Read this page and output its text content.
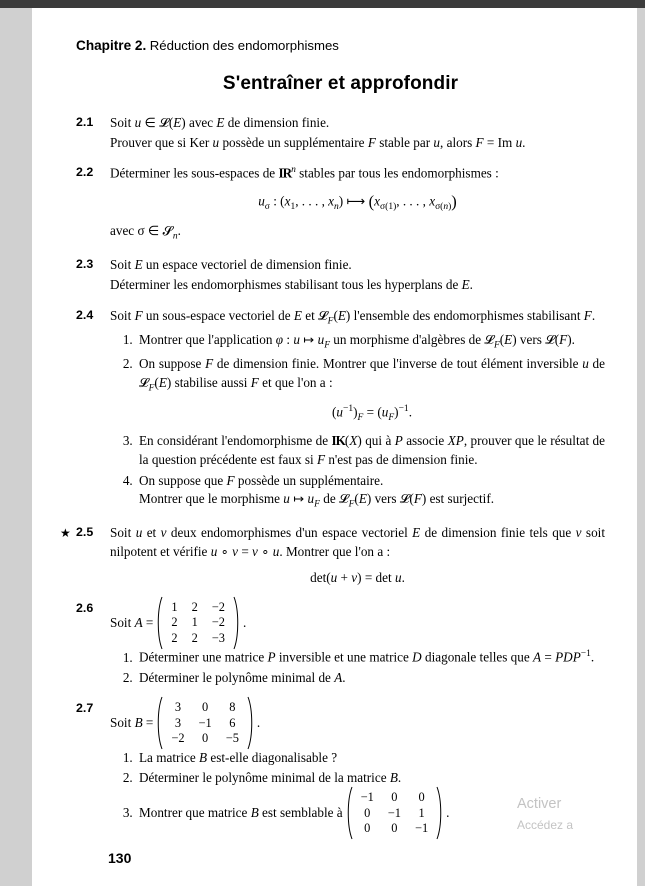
Chapitre 2. Réduction des endomorphismes
S'entraîner et approfondir
2.1 Soit u ∈ 𝓛(E) avec E de dimension finie.

Prouver que si Ker u possède un supplémentaire F stable par u, alors F = Im u.

2.2 Déterminer les sous-espaces de $IR^n$ stables par tous les endomorphismes :

$u_\sigma$ : ($x_1$, . . . , $x_n$) ⟼ ($x_{\sigma(1)}$, . . . , $x_{\sigma(n)}$)

avec σ ∈ 𝓢$_n$.

2.3 Soit E un espace vectoriel de dimension finie.

Déterminer les endomorphismes stabilisant tous les hyperplans de E.

2.4 Soit F un sous-espace vectoriel de E et 𝓛$_F$(E) l'ensemble des endomorphismes stabilisant F.

1. Montrer que l'application φ : u ↦ $u_F$ un morphisme d'algèbres de 𝓛$_F$(E) vers 𝓛(F).
2. On suppose F de dimension finie. Montrer que l'inverse de tout élément inversible u de 𝓛$_F$(E) stabilise aussi F et que l'on a :

$(u^{-1})_F = (u_F)^{-1}$.

3. En considérant l'endomorphisme de IK(X) qui à P associe XP, prouver que le résultat de la question précédente est faux si F n'est pas de dimension finie.
4. On suppose que F possède un supplémentaire.
Montrer que le morphisme u ↦ $u_F$ de 𝓛$_F$(E) vers 𝓛(F) est surjectif.
★ 2.5 Soit u et v deux endomorphismes d'un espace vectoriel E de dimension finie tels que v soit nilpotent et vérifie u ∘ v = v ∘ u. Montrer que l'on a :

det(u + v) = det u.

2.6
Soit A =
1	2	−2
2	1	−2
2	2	−3
.
1. Déterminer une matrice P inversible et une matrice D diagonale telles que $A = PDP^{-1}$.
2. Déterminer le polynôme minimal de A.
2.7
Soit B =
3	0	8
3	−1	6
−2	0	−5
.
1. La matrice B est-elle diagonalisable ?
2. Déterminer le polynôme minimal de la matrice B.
3. Montrer que matrice B est semblable à
−1	0	0
0	−1	1
0	0	−1
.
Activer
Accédez a
130
